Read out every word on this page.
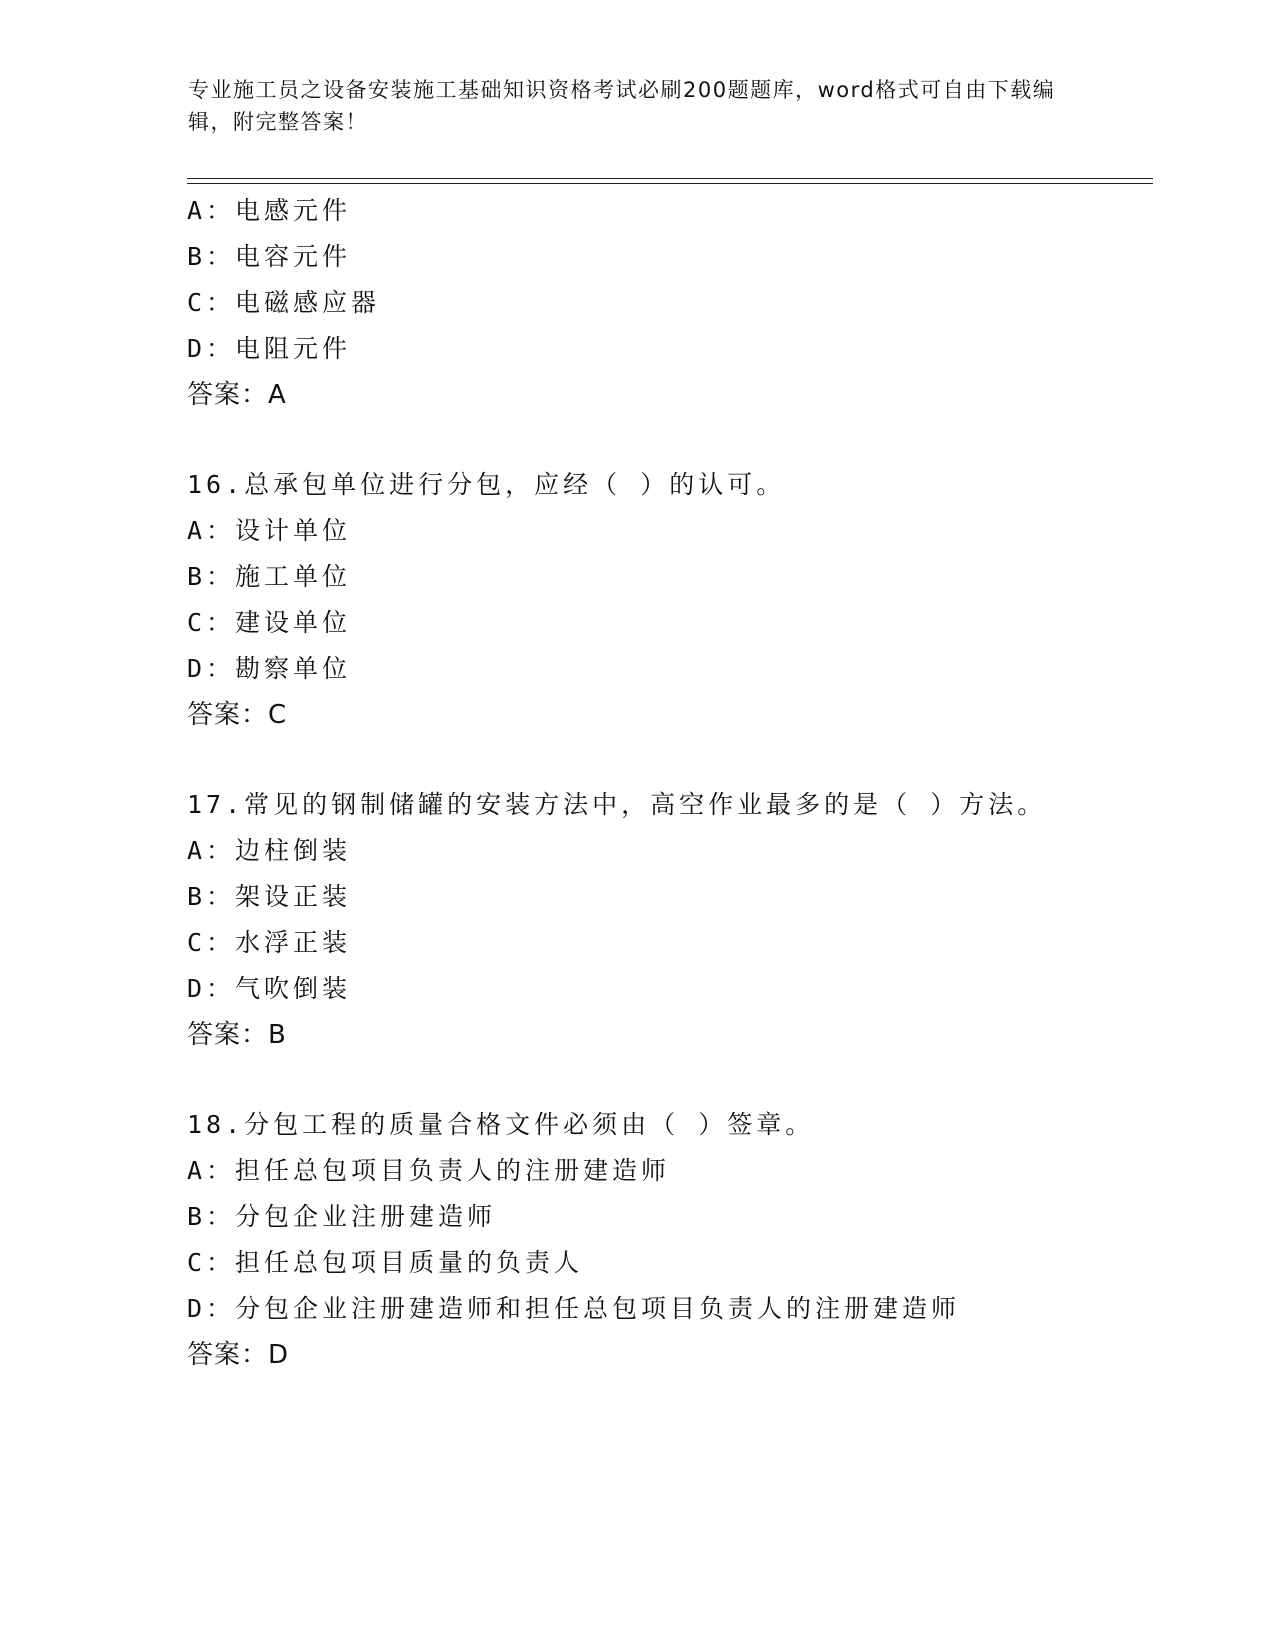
专业施工员之设备安装施工基础知识资格考试必刷200题题库，word格式可自由下载编辑，附完整答案！
A：电感元件
B：电容元件
C：电磁感应器
D：电阻元件
答案：A
16.总承包单位进行分包，应经（ ）的认可。
A：设计单位
B：施工单位
C：建设单位
D：勘察单位
答案：C
17.常见的钢制储罐的安装方法中，高空作业最多的是（ ）方法。
A：边柱倒装
B：架设正装
C：水浮正装
D：气吹倒装
答案：B
18.分包工程的质量合格文件必须由（ ）签章。
A：担任总包项目负责人的注册建造师
B：分包企业注册建造师
C：担任总包项目质量的负责人
D：分包企业注册建造师和担任总包项目负责人的注册建造师
答案：D
